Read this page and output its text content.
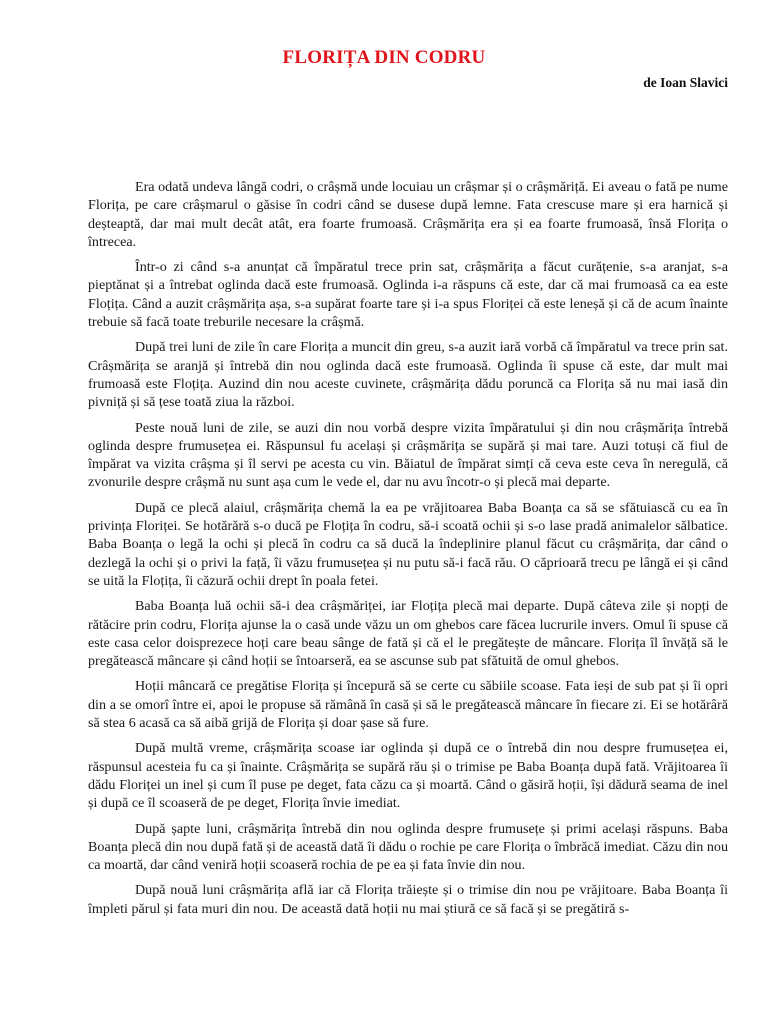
FLORIȚA DIN CODRU
de Ioan Slavici

Era odată undeva lângă codri, o crâșmă unde locuiau un crâșmar și o crâșmăriță. Ei aveau o fată pe nume Florița, pe care crâșmarul o găsise în codri când se dusese după lemne. Fata crescuse mare și era harnică și deșteaptă, dar mai mult decât atât, era foarte frumoasă. Crâșmărița era și ea foarte frumoasă, însă Florița o întrecea.

Într-o zi când s-a anunțat că împăratul trece prin sat, crâșmărița a făcut curățenie, s-a aranjat, s-a pieptănat și a întrebat oglinda dacă este frumoasă. Oglinda i-a răspuns că este, dar că mai frumoasă ca ea este Floțița. Când a auzit crâșmărița așa, s-a supărat foarte tare și i-a spus Floriței că este leneșă și că de acum înainte trebuie să facă toate treburile necesare la crâșmă.

După trei luni de zile în care Florița a muncit din greu, s-a auzit iară vorbă că împăratul va trece prin sat. Crâșmărița se aranjă și întrebă din nou oglinda dacă este frumoasă. Oglinda îi spuse că este, dar mult mai frumoasă este Floțița. Auzind din nou aceste cuvinete, crâșmărița dădu poruncă ca Florița să nu mai iasă din pivniță și să țese toată ziua la război.

Peste nouă luni de zile, se auzi din nou vorbă despre vizita împăratului și din nou crâșmărița întrebă oglinda despre frumusețea ei. Răspunsul fu același și crâșmărița se supără și mai tare. Auzi totuși că fiul de împărat va vizita crâșma și îl servi pe acesta cu vin. Băiatul de împărat simți că ceva este ceva în neregulă, că zvonurile despre crâșmă nu sunt așa cum le vede el, dar nu avu încotr-o și plecă mai departe.

După ce plecă alaiul, crâșmărița chemă la ea pe vrăjitoarea Baba Boanța ca să se sfătuiască cu ea în privința Floriței. Se hotărără s-o ducă pe Floțița în codru, să-i scoată ochii și s-o lase pradă animalelor sălbatice. Baba Boanța o legă la ochi și plecă în codru ca să ducă la îndeplinire planul făcut cu crâșmărița, dar când o dezlegă la ochi și o privi la față, îi văzu frumusețea și nu putu să-i facă rău. O căprioară trecu pe lângă ei și când se uită la Floțița, îi căzură ochii drept în poala fetei.

Baba Boanța luă ochii să-i dea crâșmăriței, iar Floțița plecă mai departe. După câteva zile și nopți de rătăcire prin codru, Florița ajunse la o casă unde văzu un om ghebos care făcea lucrurile invers. Omul îi spuse că este casa celor doisprezece hoți care beau sânge de fată și că el le pregătește de mâncare. Florița îl învăță să le pregătească mâncare și când hoții se întoarseră, ea se ascunse sub pat sfătuită de omul ghebos.

Hoții mâncară ce pregătise Florița și începură să se certe cu săbiile scoase. Fata ieși de sub pat și îi opri din a se omorî între ei, apoi le propuse să rămână în casă și să le pregătească mâncare în fiecare zi. Ei se hotărâră să stea 6 acasă ca să aibă grijă de Florița și doar șase să fure.

După multă vreme, crâșmărița scoase iar oglinda și după ce o întrebă din nou despre frumusețea ei, răspunsul acesteia fu ca și înainte. Crâșmărița se supără rău și o trimise pe Baba Boanța după fată. Vrăjitoarea îi dădu Floriței un inel și cum îl puse pe deget, fata căzu ca și moartă. Când o găsiră hoții, își dădură seama de inel și după ce îl scoaseră de pe deget, Florița învie imediat.

După șapte luni, crâșmărița întrebă din nou oglinda despre frumusețe și primi același răspuns. Baba Boanța plecă din nou după fată și de această dată îi dădu o rochie pe care Florița o îmbrăcă imediat. Căzu din nou ca moartă, dar când veniră hoții scoaseră rochia de pe ea și fata învie din nou.

După nouă luni crâșmărița află iar că Florița trăiește și o trimise din nou pe vrăjitoare. Baba Boanța îi împleti părul și fata muri din nou. De această dată hoții nu mai știură ce să facă și se pregătiră s-
